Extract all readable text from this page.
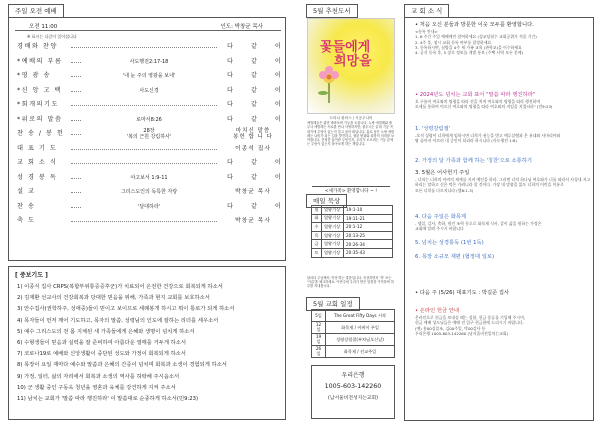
주일 오전 예배
오전 11:00	인도: 박창균 목사
※ 표시는 다같이 일어섭니다
경배와 찬양	다 같 이
*예배의 부름	사도행전2:17-18	다 같 이
*영 광 송	'내 눈 주의 영광을 보네'	다 같 이
*신 앙 고 백	사도신경	다 같 이
*회개의기도	다 같 이
*위로의 말씀	로마서8:26	다 같 이
찬 송 / 봉 헌	28장
'복의 근원 강림하사'
마치신 말씀
봉헌 합 니 다
대 표 기 도	이종석 집사
교 회 소 식	다 같 이
성 경 봉 독	야고보서 1:9-11	다 같 이
설 교	그리스도인의 독특한 자랑	박창균 목사
찬 송	'달대하라'	다 같 이
축 도	박창균 목사
[ 중보기도 ]
1) 이종식 집사 CRPS(복합부위통증증후군)가 치료되어 온전한 건강으로 회복되게 하소서
2) 김재환 선교사의 건강회복과 당대한 믿음을 위해, 가족과 현지 교회를 보호하소서
3) 안수집사(권학하주, 성애중)들이 믿이고 보이므로 세례봉개 하시고 뭐이 통로가 되게 하소서
4) 목자들이 먼저 깨어 기도하고, 목자의 말씀, 성령님의 인도에 잘하는 리더를 세우소서
5) 예수 그리스도의 전 몸 지체된 새 가족들에게 은혜와 생명이 넘치게 하소서
6) 수형생들이 믿음과 실력을 잘 준비하여 아름다운 열매를 거두게 하소서
7) 코로나19로 예배와 신앙생활이 중단된 성도와 가정이 회복되게 하소서
8) 목장이 요일 재마다 예수와 말씀과 은혜의 간증이 넘치며 회복과 소생이 경험되게 하소서
9) 가정, 일터, 삶의 자리에서 회복과 소생의 역사를 허락해 주시옵소서
10) 군 생활 중인 구동욱 청년을 영혼과 육체를 강건하게 지켜 주소서
11) 남치는 교회가 '말씀 따라 행진하라' 이 말씀대로 순종하게 하소서(민9:23)
5월 추천도서
꽃들에게
희망을
트리나 폴러스 / 시공주니어
애벌레들은 위만 바라보며 기둥을 오릅니다. 노랑 애벌레와 줄무늬 애벌레는 서로를 만나 사랑하지만, 줄무늬는 끝내 기둥 꼭대기에 무엇이 있는지 알고 싶어 떠납니다. 홀로 남은 노랑 애벌레는 나비가 되는 길을 발견하고, 참된 변화와 희망의 의미를 보여줍니다. 진정한 삶이란 무엇인지, 우리가 오르려는 기둥 끝에는 무엇이 있는지 돌아보게 하는 책입니다.
<새가족> 환영합니다 ~ !
매일 묵상
월	열왕기상	19:1-10
화	열왕기상	19:11-21
수	열왕기상	20:1-12
목	열왕기상	20:13-25
금	열왕기상	20:26-34
토	열왕기상	20:35-43
날마다 주님께서 '묵상'하는 말씀입니다. 묵상하면서 '하' 또는 '이름'을 체크하세요. 이번주에 우리가 받은 말씀을 기억하며 하루를 지내봅시다.
5월 교회 일정
5일	The Great Fifty Days 시작
12일	화목제 / 어버이 주일
19일	성령강림절(부처님오신날)
26일	화목제 / 선교주일
우리은행
1005-603-142260
(남서울비전성지는교회)
교 회 소 식
• 처음 오신 분들과 방문한 이웃 모두를 환영합니다.
<등록 안내>
1. 6 주간 주일 예배에만 참여하세요 (성교당첨수 교회공위가 적음 기간)
2. 4주 후, 청시 교회 등록 여부를 결정하세요
3. 등록하시면, 심방을 4주 새 가족 교육 (관학교)을 이수하세요
4. 공식 등록 후, 5 장로 정보를 개별 통보 (주택 사역 모든 분께)
• 2024년도 넘치는 교회 표어 "말씀 따라 행진하라"
오 구름이 여호와의 명령을 따라 진을 치며 여호와의 명령을 따라 행진하며
모세를 통하여 이르신 여호와의 명령을 따라 여호와의 직임을 지켰더라" (민9:23)
1. '성령강림절'
-오직 성령이 너희에게 임하시면 너희가 권능을 받고 예루살렘과 온 유대와 사마리아와
땅 끝까지 이르러 내 증인이 되리라 하시니라 (사도행전 1:8)
2. 가정의 달 가족과 함께 하는 '칭찬'으로 소통하기
3. 5월은 어사헌기 주일
- 너희는 너희의 아비의 재세를 지켜 예인을 하라. 그러면 너의 하나님 여호와가 너를 따라서 사성내 지고 하리는 말하고 신은 먹은 가려니라 할 것이다. 가장 내 말씀을 잃도 너희의 어린을 이유로
모든 너희를 다르지니라 (엡6:1-3)
4. 다음 주일은 화목제
- 생일, 감사, 축하, 원인 조력 등으로 화목제 식사, 같이 삶을 원하는 가정은
교회에 알려 주시기 바랍니다
5. 넘치는 성경통독 (1번 1독)
6. 목장 소규모 재편 (협정대 일로)
• 다음 주 (5/26) 대표기도 : 박길준 집사
• 온라인 헌금 안내
온라인으로 헌금을 보내실 때는 성함, 헌금 종류를 기입해 주시며,
헌금 예배 성도님들은 예배 전 입구 헌금함에 드리시기 바랍니다.
(예) 홍00십일조, 김00주일, 박00감사 등
우리은행 1005-603-142260 (남서울비전일치는교회)
